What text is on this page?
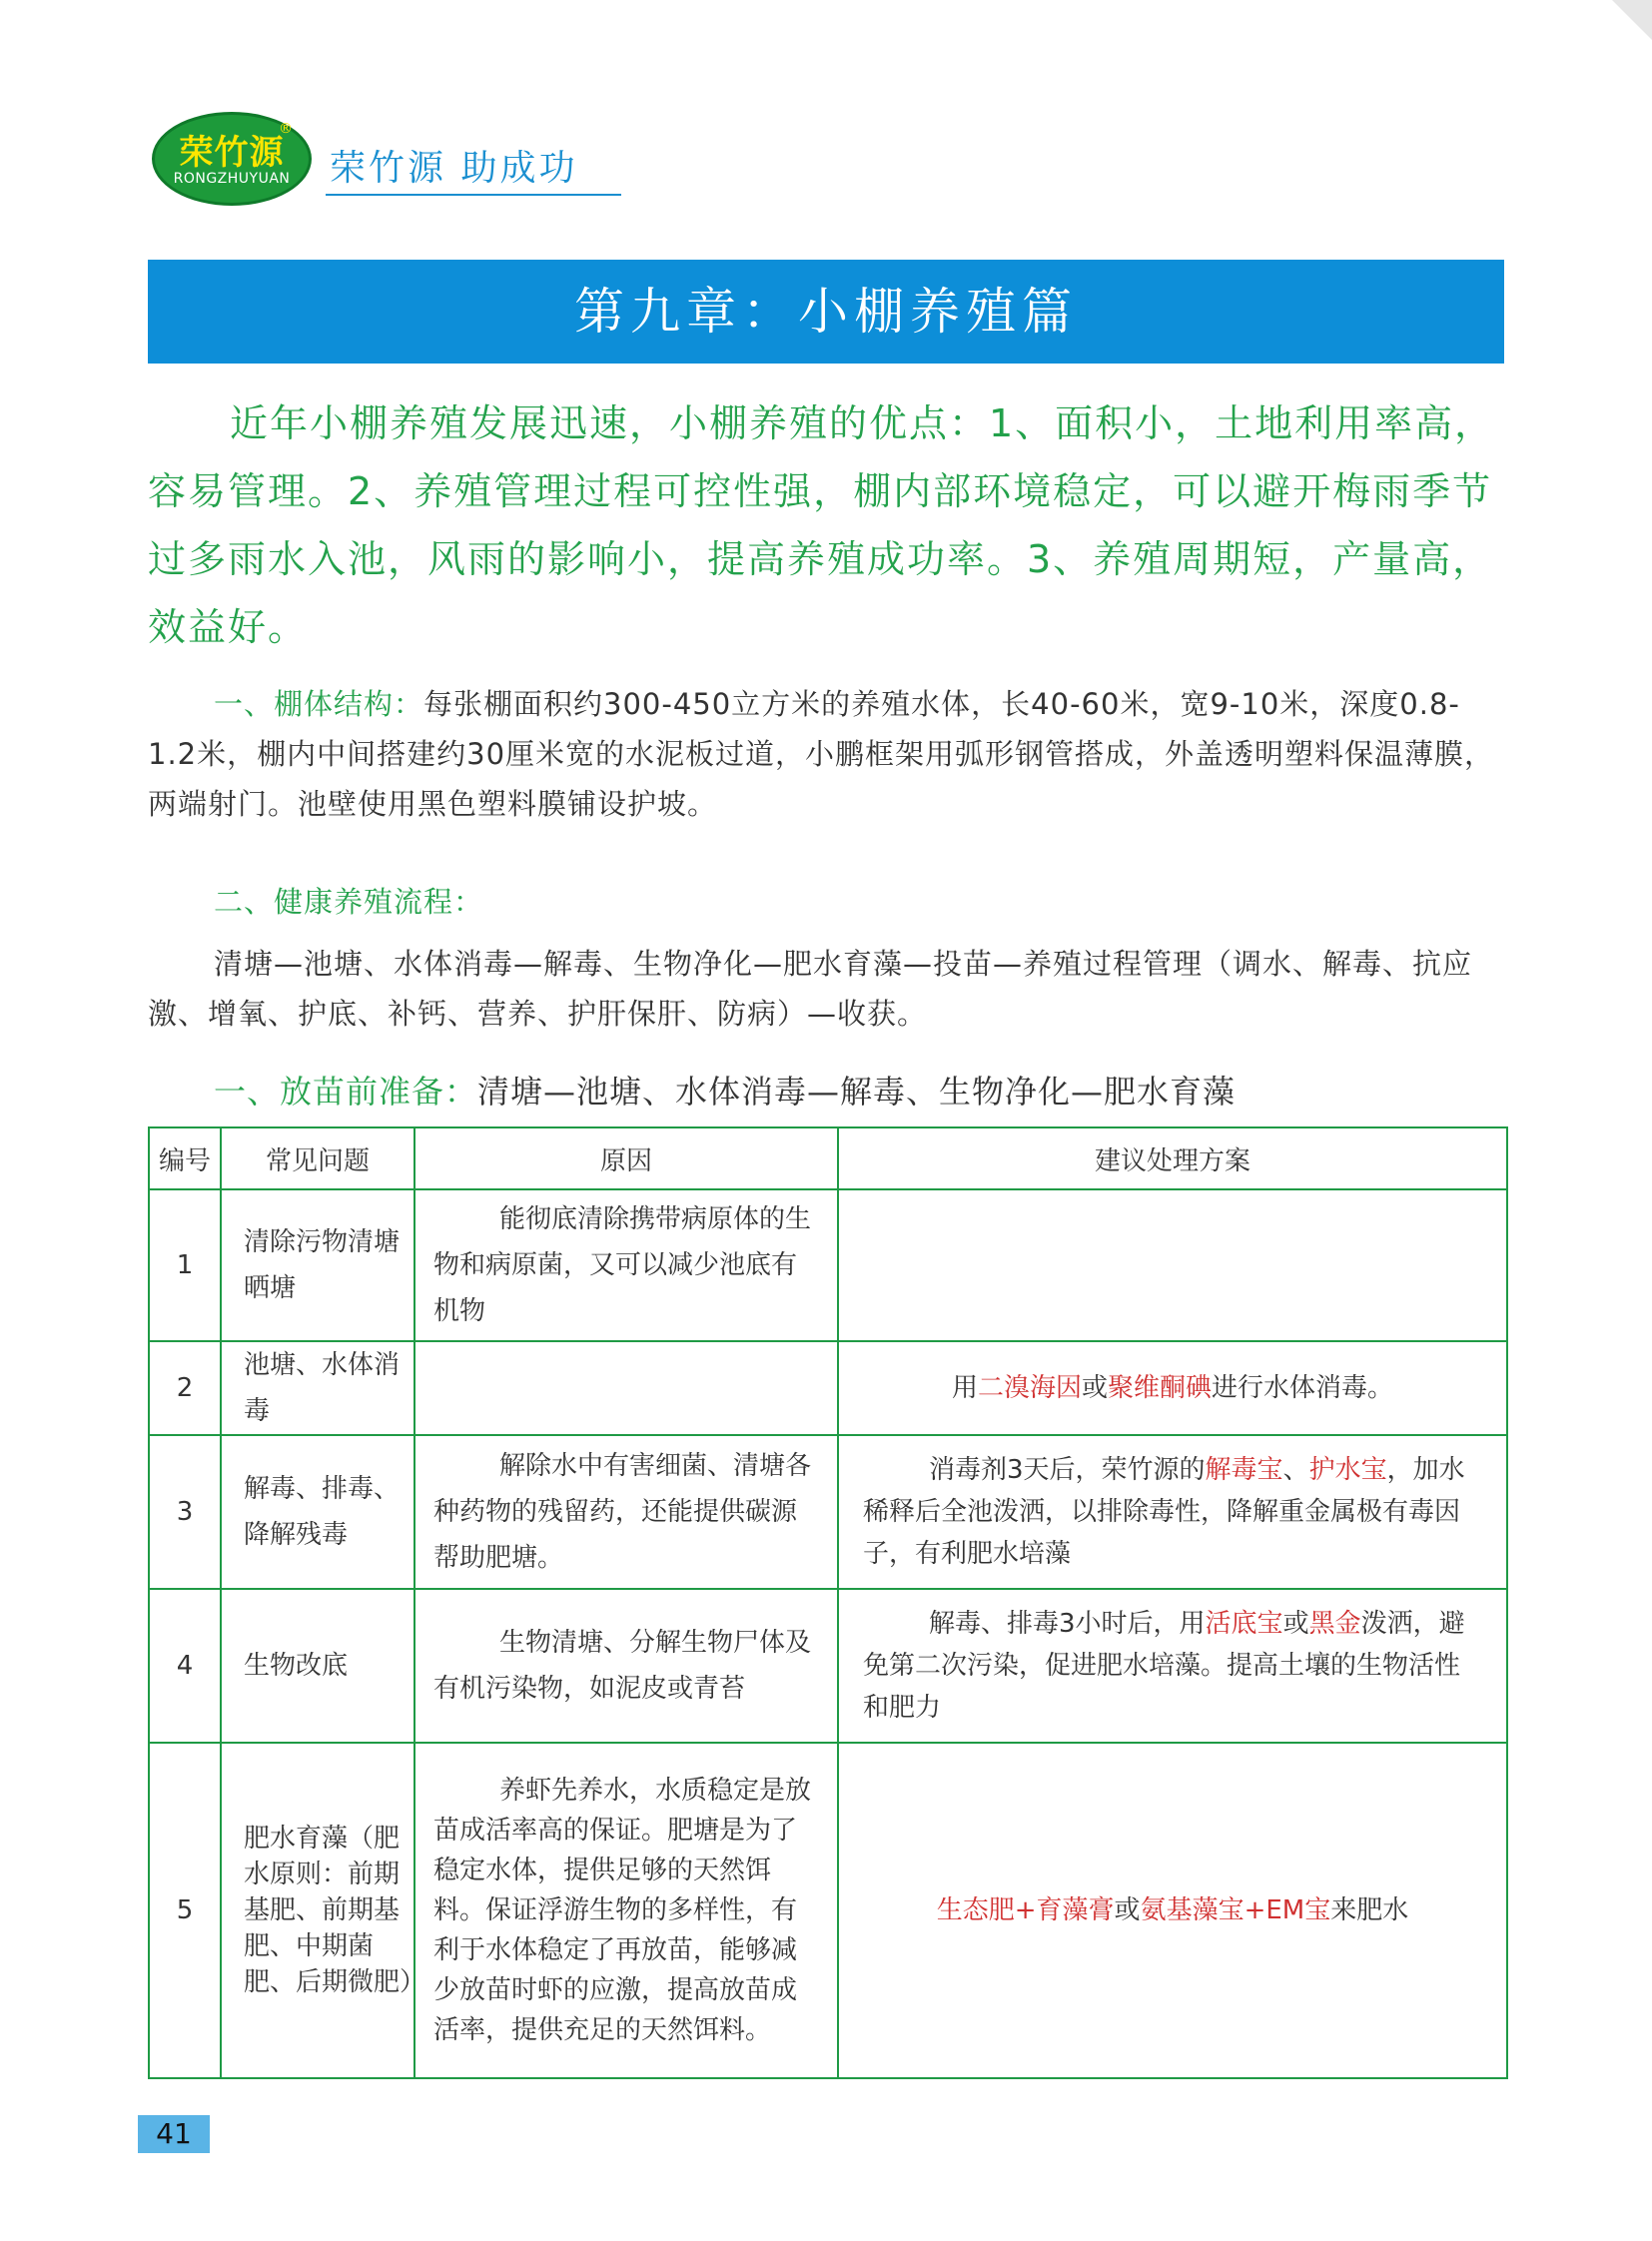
荣竹源
®
RONGZHUYUAN	荣竹源 助成功
第九章：小棚养殖篇
近年小棚养殖发展迅速，小棚养殖的优点：1、面积小，土地利用率高，容易管理。2、养殖管理过程可控性强，棚内部环境稳定，可以避开梅雨季节过多雨水入池，风雨的影响小，提高养殖成功率。3、养殖周期短，产量高，效益好。
一、棚体结构：每张棚面积约300-450立方米的养殖水体，长40-60米，宽9-10米，深度0.8-1.2米，棚内中间搭建约30厘米宽的水泥板过道，小鹏框架用弧形钢管搭成，外盖透明塑料保温薄膜，两端射门。池壁使用黑色塑料膜铺设护坡。
二、健康养殖流程：
清塘—池塘、水体消毒—解毒、生物净化—肥水育藻—投苗—养殖过程管理（调水、解毒、抗应激、增氧、护底、补钙、营养、护肝保肝、防病）—收获。
一、放苗前准备：清塘—池塘、水体消毒—解毒、生物净化—肥水育藻
编号	常见问题	原因	建议处理方案
1	清除污物清塘晒塘	能彻底清除携带病原体的生物和病原菌，又可以减少池底有机物	
2	池塘、水体消毒		用二溴海因或聚维酮碘进行水体消毒。
3	解毒、排毒、降解残毒	解除水中有害细菌、清塘各种药物的残留药，还能提供碳源帮助肥塘。	消毒剂3天后，荣竹源的解毒宝、护水宝，加水稀释后全池泼洒，以排除毒性，降解重金属极有毒因子，有利肥水培藻
4	生物改底	生物清塘、分解生物尸体及有机污染物，如泥皮或青苔	解毒、排毒3小时后，用活底宝或黑金泼洒，避免第二次污染，促进肥水培藻。提高土壤的生物活性和肥力
5	肥水育藻（肥水原则：前期基肥、前期基肥、中期菌肥、后期微肥）	养虾先养水，水质稳定是放苗成活率高的保证。肥塘是为了稳定水体，提供足够的天然饵料。保证浮游生物的多样性，有利于水体稳定了再放苗，能够减少放苗时虾的应激，提高放苗成活率，提供充足的天然饵料。	生态肥+育藻膏或氨基藻宝+EM宝来肥水
41
